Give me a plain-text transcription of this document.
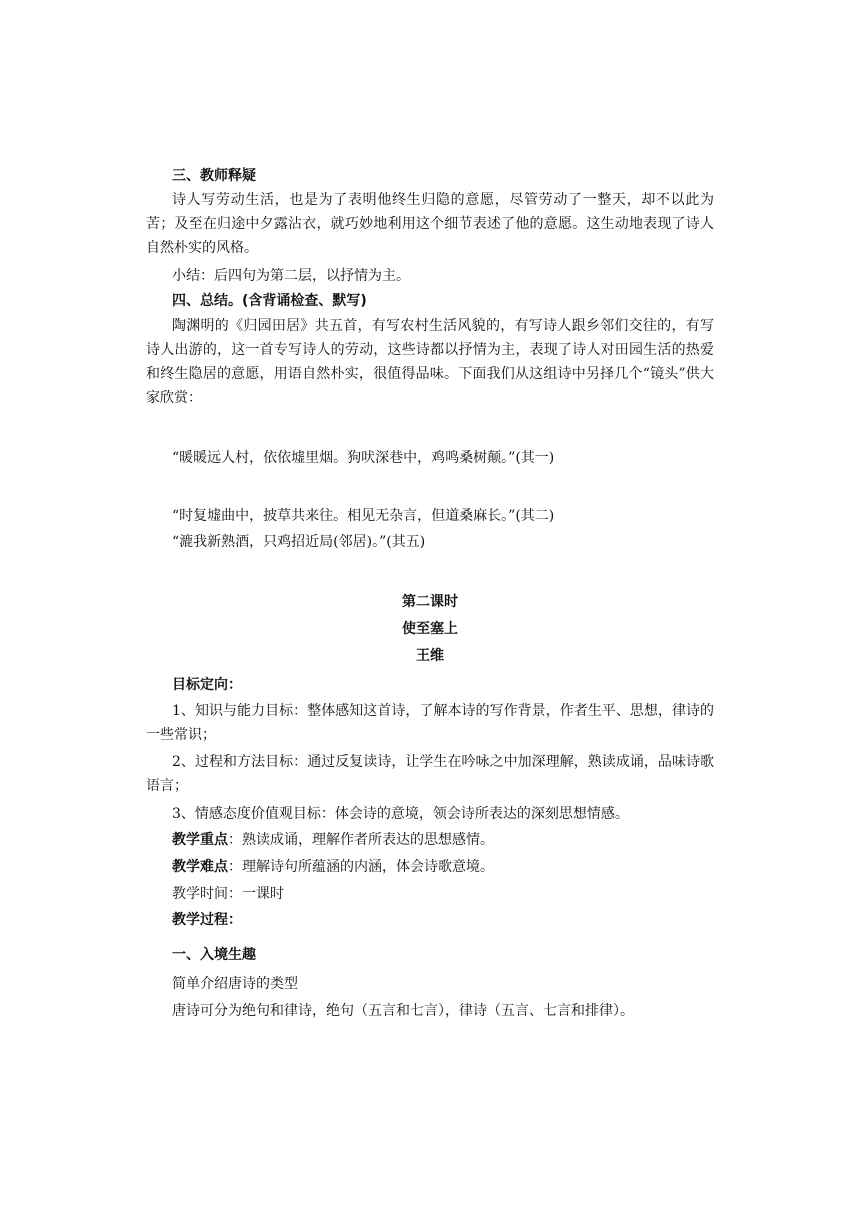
三、教师释疑
诗人写劳动生活，也是为了表明他终生归隐的意愿，尽管劳动了一整天，却不以此为苦；及至在归途中夕露沾衣，就巧妙地利用这个细节表述了他的意愿。这生动地表现了诗人自然朴实的风格。
小结：后四句为第二层，以抒情为主。
四、总结。(含背诵检查、默写)
陶渊明的《归园田居》共五首，有写农村生活风貌的，有写诗人跟乡邻们交往的，有写诗人出游的，这一首专写诗人的劳动，这些诗都以抒情为主，表现了诗人对田园生活的热爱和终生隐居的意愿，用语自然朴实，很值得品味。下面我们从这组诗中另择几个“镜头”供大家欣赏：
“暖暖远人村，依依墟里烟。狗吠深巷中，鸡鸣桑树颠。”(其一)
“时复墟曲中，披草共来往。相见无杂言，但道桑麻长。”(其二)
“漉我新熟酒，只鸡招近局(邻居)。”(其五)
第二课时
使至塞上
王维
目标定向：
1、知识与能力目标：整体感知这首诗，了解本诗的写作背景，作者生平、思想，律诗的一些常识；
2、过程和方法目标：通过反复读诗，让学生在吟咏之中加深理解，熟读成诵，品味诗歌语言；
3、情感态度价值观目标：体会诗的意境，领会诗所表达的深刻思想情感。
教学重点：熟读成诵，理解作者所表达的思想感情。
教学难点：理解诗句所蕴涵的内涵，体会诗歌意境。
教学时间：一课时
教学过程：
一、入境生趣
简单介绍唐诗的类型
唐诗可分为绝句和律诗，绝句（五言和七言），律诗（五言、七言和排律）。
